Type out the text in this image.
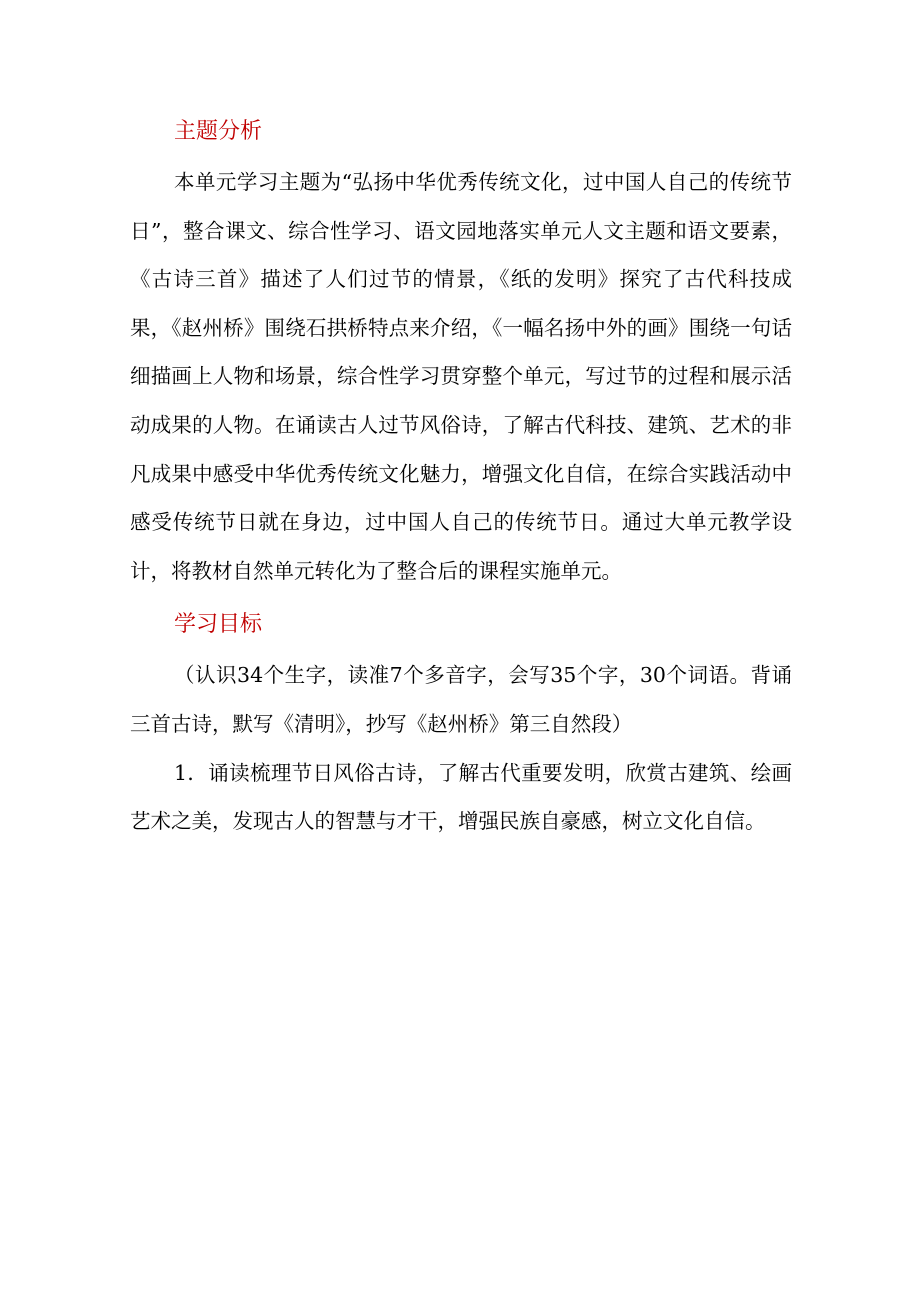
主题分析

本单元学习主题为“弘扬中华优秀传统文化，过中国人自己的传统节日”，整合课文、综合性学习、语文园地落实单元人文主题和语文要素，《古诗三首》描述了人们过节的情景，《纸的发明》探究了古代科技成果，《赵州桥》围绕石拱桥特点来介绍，《一幅名扬中外的画》围绕一句话细描画上人物和场景，综合性学习贯穿整个单元，写过节的过程和展示活动成果的人物。在诵读古人过节风俗诗，了解古代科技、建筑、艺术的非凡成果中感受中华优秀传统文化魅力，增强文化自信，在综合实践活动中感受传统节日就在身边，过中国人自己的传统节日。通过大单元教学设计，将教材自然单元转化为了整合后的课程实施单元。

学习目标

（认识34个生字，读准7个多音字，会写35个字，30个词语。背诵三首古诗，默写《清明》，抄写《赵州桥》第三自然段）

1．诵读梳理节日风俗古诗，了解古代重要发明，欣赏古建筑、绘画艺术之美，发现古人的智慧与才干，增强民族自豪感，树立文化自信。
